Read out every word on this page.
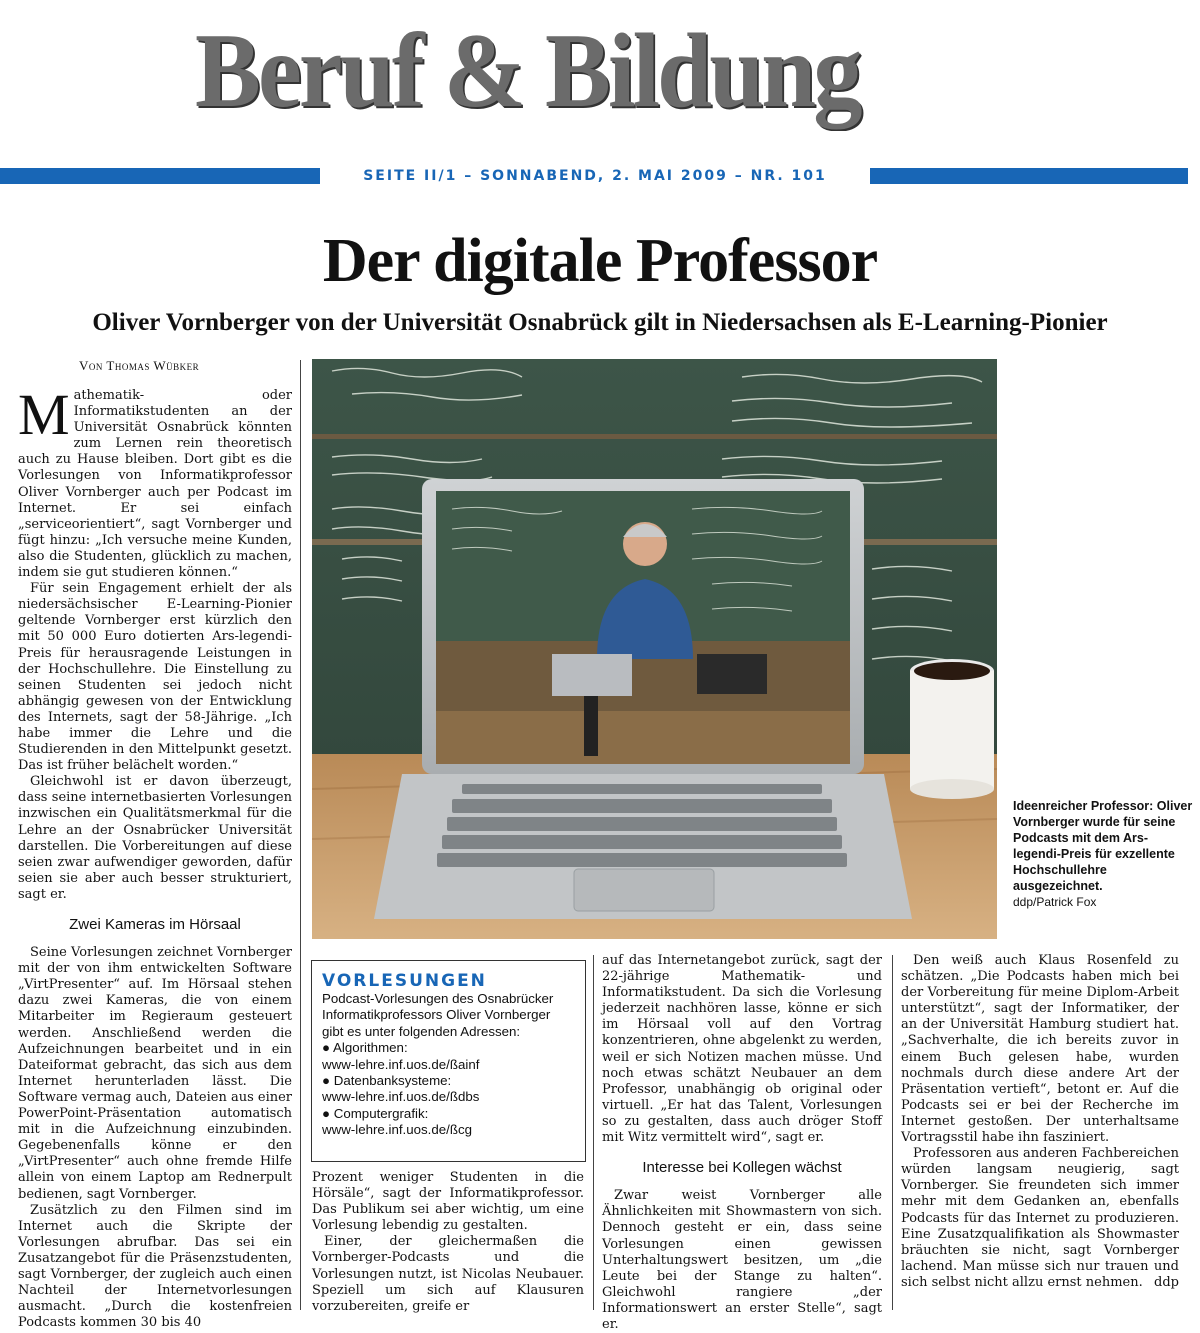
Beruf & Bildung
SEITE II/1 – SONNABEND, 2. MAI 2009 – NR. 101
Der digitale Professor
Oliver Vornberger von der Universität Osnabrück gilt in Niedersachsen als E-Learning-Pionier
Von Thomas Wübker

Mathematik- oder Informatikstudenten an der Universität Osnabrück könnten zum Lernen rein theoretisch auch zu Hause bleiben. Dort gibt es die Vorlesungen von Informatikprofessor Oliver Vornberger auch per Podcast im Internet. Er sei einfach „serviceorientiert“, sagt Vornberger und fügt hinzu: „Ich versuche meine Kunden, also die Studenten, glücklich zu machen, indem sie gut studieren können.“

Für sein Engagement erhielt der als niedersächsischer E-Learning-Pionier geltende Vornberger erst kürzlich den mit 50 000 Euro dotierten Ars-legendi-Preis für herausragende Leistungen in der Hochschullehre. Die Einstellung zu seinen Studenten sei jedoch nicht abhängig gewesen von der Entwicklung des Internets, sagt der 58-Jährige. „Ich habe immer die Lehre und die Studierenden in den Mittelpunkt gesetzt. Das ist früher belächelt worden.“

Gleichwohl ist er davon überzeugt, dass seine internetbasierten Vorlesungen inzwischen ein Qualitätsmerkmal für die Lehre an der Osnabrücker Universität darstellen. Die Vorbereitungen auf diese seien zwar aufwendiger geworden, dafür seien sie aber auch besser strukturiert, sagt er.

Zwei Kameras im Hörsaal

Seine Vorlesungen zeichnet Vornberger mit der von ihm entwickelten Software „VirtPresenter“ auf. Im Hörsaal stehen dazu zwei Kameras, die von einem Mitarbeiter im Regieraum gesteuert werden. Anschließend werden die Aufzeichnungen bearbeitet und in ein Dateiformat gebracht, das sich aus dem Internet herunterladen lässt. Die Software vermag auch, Dateien aus einer PowerPoint-Präsentation automatisch mit in die Aufzeichnung einzubinden. Gegebenenfalls könne er den „VirtPresenter“ auch ohne fremde Hilfe allein von einem Laptop am Rednerpult bedienen, sagt Vornberger.

Zusätzlich zu den Filmen sind im Internet auch die Skripte der Vorlesungen abrufbar. Das sei ein Zusatzangebot für die Präsenzstudenten, sagt Vornberger, der zugleich auch einen Nachteil der Internetvorlesungen ausmacht. „Durch die kostenfreien Podcasts kommen 30 bis 40

Ideenreicher Professor: Oliver Vornberger wurde für seine Podcasts mit dem Ars-legendi-Preis für exzellente Hochschullehre ausgezeichnet.
ddp/Patrick Fox
VORLESUNGEN
Podcast-Vorlesungen des Osnabrücker Informatikprofessors Oliver Vornberger gibt es unter folgenden Adressen:
● Algorithmen:
www-lehre.inf.uos.de/ßainf
● Datenbanksysteme:
www-lehre.inf.uos.de/ßdbs
● Computergrafik:
www-lehre.inf.uos.de/ßcg

Prozent weniger Studenten in die Hörsäle“, sagt der Informatikprofessor. Das Publikum sei aber wichtig, um eine Vorlesung lebendig zu gestalten.

Einer, der gleichermaßen die Vornberger-Podcasts und die Vorlesungen nutzt, ist Nicolas Neubauer. Speziell um sich auf Klausuren vorzubereiten, greife er

auf das Internetangebot zurück, sagt der 22-jährige Mathematik- und Informatikstudent. Da sich die Vorlesung jederzeit nachhören lasse, könne er sich im Hörsaal voll auf den Vortrag konzentrieren, ohne abgelenkt zu werden, weil er sich Notizen machen müsse. Und noch etwas schätzt Neubauer an dem Professor, unabhängig ob original oder virtuell. „Er hat das Talent, Vorlesungen so zu gestalten, dass auch dröger Stoff mit Witz vermittelt wird“, sagt er.

Interesse bei Kollegen wächst

Zwar weist Vornberger alle Ähnlichkeiten mit Showmastern von sich. Dennoch gesteht er ein, dass seine Vorlesungen einen gewissen Unterhaltungswert besitzen, um „die Leute bei der Stange zu halten“. Gleichwohl rangiere „der Informationswert an erster Stelle“, sagt er.

Den weiß auch Klaus Rosenfeld zu schätzen. „Die Podcasts haben mich bei der Vorbereitung für meine Diplom-Arbeit unterstützt“, sagt der Informatiker, der an der Universität Hamburg studiert hat. „Sachverhalte, die ich bereits zuvor in einem Buch gelesen habe, wurden nochmals durch diese andere Art der Präsentation vertieft“, betont er. Auf die Podcasts sei er bei der Recherche im Internet gestoßen. Der unterhaltsame Vortragsstil habe ihn fasziniert.

Professoren aus anderen Fachbereichen würden langsam neugierig, sagt Vornberger. Sie freundeten sich immer mehr mit dem Gedanken an, ebenfalls Podcasts für das Internet zu produzieren. Eine Zusatzqualifikation als Showmaster bräuchten sie nicht, sagt Vornberger lachend. Man müsse sich nur trauen und sich selbst nicht allzu ernst nehmen. ddp
